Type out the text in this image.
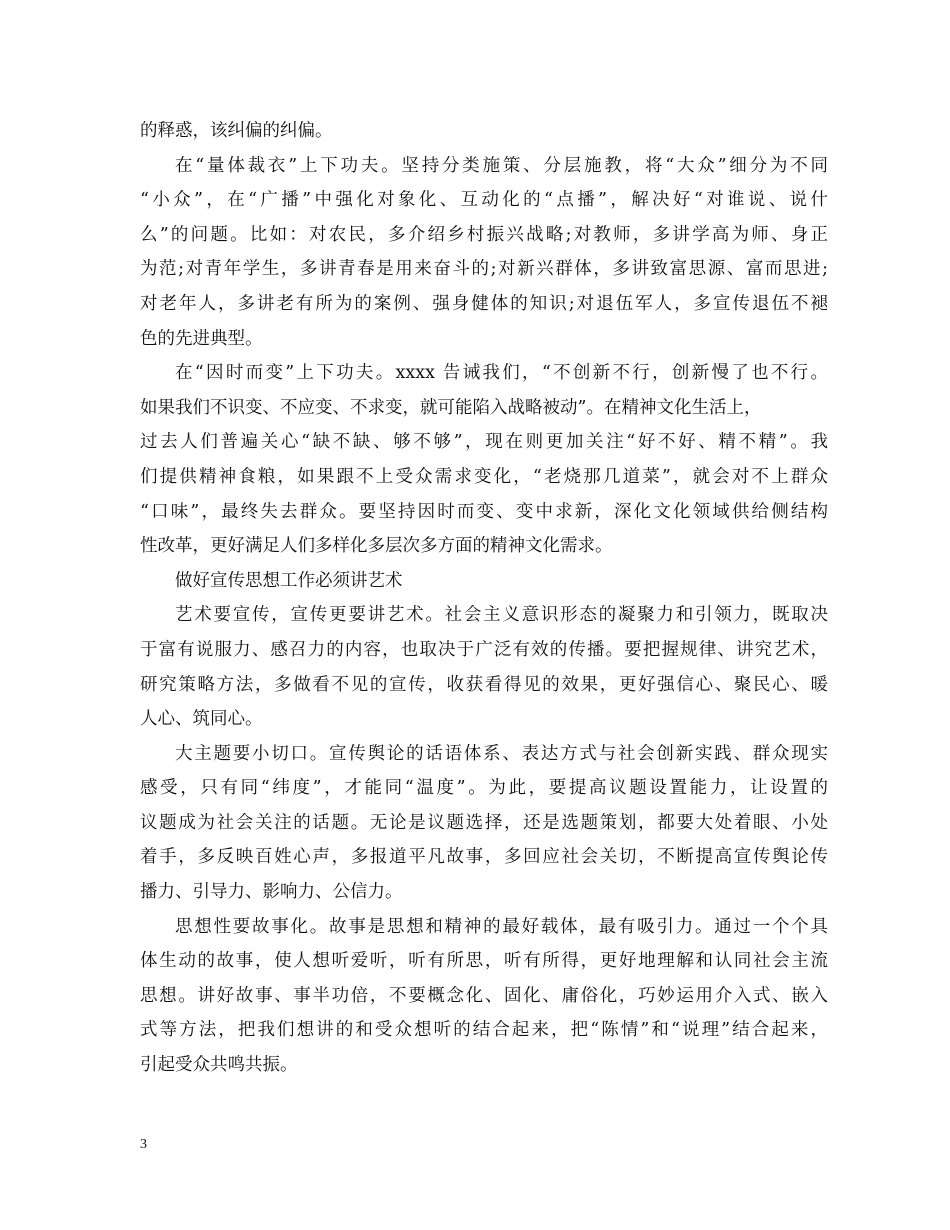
的释惑，该纠偏的纠偏。
在“量体裁衣”上下功夫。坚持分类施策、分层施教，将“大众”细分为不同
“小众”，在“广播”中强化对象化、互动化的“点播”，解决好“对谁说、说什
么”的问题。比如：对农民，多介绍乡村振兴战略;对教师，多讲学高为师、身正
为范;对青年学生，多讲青春是用来奋斗的;对新兴群体，多讲致富思源、富而思进;
对老年人，多讲老有所为的案例、强身健体的知识;对退伍军人，多宣传退伍不褪
色的先进典型。
在“因时而变”上下功夫。xxxx 告诫我们，“不创新不行，创新慢了也不行。
如果我们不识变、不应变、不求变，就可能陷入战略被动”。在精神文化生活上，
过去人们普遍关心“缺不缺、够不够”，现在则更加关注“好不好、精不精”。我
们提供精神食粮，如果跟不上受众需求变化，“老烧那几道菜”，就会对不上群众
“口味”，最终失去群众。要坚持因时而变、变中求新，深化文化领域供给侧结构
性改革，更好满足人们多样化多层次多方面的精神文化需求。
做好宣传思想工作必须讲艺术
艺术要宣传，宣传更要讲艺术。社会主义意识形态的凝聚力和引领力，既取决
于富有说服力、感召力的内容，也取决于广泛有效的传播。要把握规律、讲究艺术，
研究策略方法，多做看不见的宣传，收获看得见的效果，更好强信心、聚民心、暖
人心、筑同心。
大主题要小切口。宣传舆论的话语体系、表达方式与社会创新实践、群众现实
感受，只有同“纬度”，才能同“温度”。为此，要提高议题设置能力，让设置的
议题成为社会关注的话题。无论是议题选择，还是选题策划，都要大处着眼、小处
着手，多反映百姓心声，多报道平凡故事，多回应社会关切，不断提高宣传舆论传
播力、引导力、影响力、公信力。
思想性要故事化。故事是思想和精神的最好载体，最有吸引力。通过一个个具
体生动的故事，使人想听爱听，听有所思，听有所得，更好地理解和认同社会主流
思想。讲好故事、事半功倍，不要概念化、固化、庸俗化，巧妙运用介入式、嵌入
式等方法，把我们想讲的和受众想听的结合起来，把“陈情”和“说理”结合起来，
引起受众共鸣共振。
3
